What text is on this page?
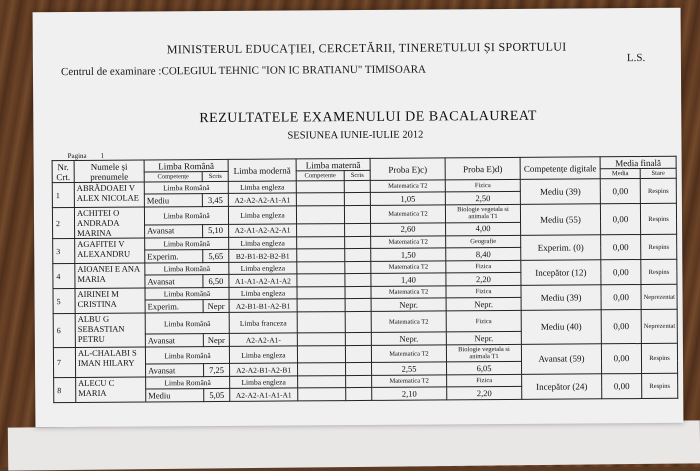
MINISTERUL EDUCAȚIEI, CERCETĂRII, TINERETULUI ȘI SPORTULUI
Centrul de examinare :COLEGIUL TEHNIC "ION IC BRATIANU" TIMISOARA
L.S.
REZULTATELE EXAMENULUI DE BACALAUREAT
SESIUNEA IUNIE-IULIE 2012
Pagina 1
Nr. Crt.	Numele și prenumele	Limba Română		Limba modernă	Limba maternă		Proba E)c)	Proba E)d)	Competențe digitale	Media finală	
		Competențe	Scris		Competente	Scris				Media	Stare
1	ABRĂDOAEI V ALEX NICOLAE	Limba Română		Limba engleza			Matematica T2	Fizica	Mediu (39)	0,00	Respins
		Mediu	3,45	A2-A2-A2-A1-A1			1,05	2,50			
2	ACHITEI O ANDRADA MARINA	Limba Română		Limba engleza			Matematica T2	Biologie vegetala si animala T1	Mediu (55)	0,00	Respins
		Avansat	5,10	A2-A1-A2-A2-A1			2,60	4,00			
3	AGAFITEI V ALEXANDRU	Limba Română		Limba engleza			Matematica T2	Geografie	Experim. (0)	0,00	Respins
		Experim.	5,65	B2-B1-B2-B2-B1			1,50	8,40			
4	AIOANEI E ANA MARIA	Limba Română		Limba engleza			Matematica T2	Fizica	Incepător (12)	0,00	Respins
		Avansat	6,50	A1-A1-A2-A1-A2			1,40	2,20			
5	AIRINEI M CRISTINA	Limba Română		Limba engleza			Matematica T2	Fizica	Mediu (39)	0,00	Neprezentat
		Experim.	Nepr	A2-B1-B1-A2-B1			Nepr.	Nepr.			
6	ALBU G SEBASTIAN PETRU	Limba Română		Limba franceza			Matematica T2	Fizica	Mediu (40)	0,00	Neprezentat
		Avansat	Nepr	A2-A2-A1-			Nepr.	Nepr.			
7	AL-CHALABI S IMAN HILARY	Limba Română		Limba engleza			Matematica T2	Biologie vegetala si animala T1	Avansat (59)	0,00	Respins
		Avansat	7,25	A2-A2-B1-A2-B1			2,55	6,05			
8	ALECU C MARIA	Limba Română		Limba engleza			Matematica T2	Fizica	Incepător (24)	0,00	Respins
		Mediu	5,05	A2-A2-A1-A1-A1			2,10	2,20			
